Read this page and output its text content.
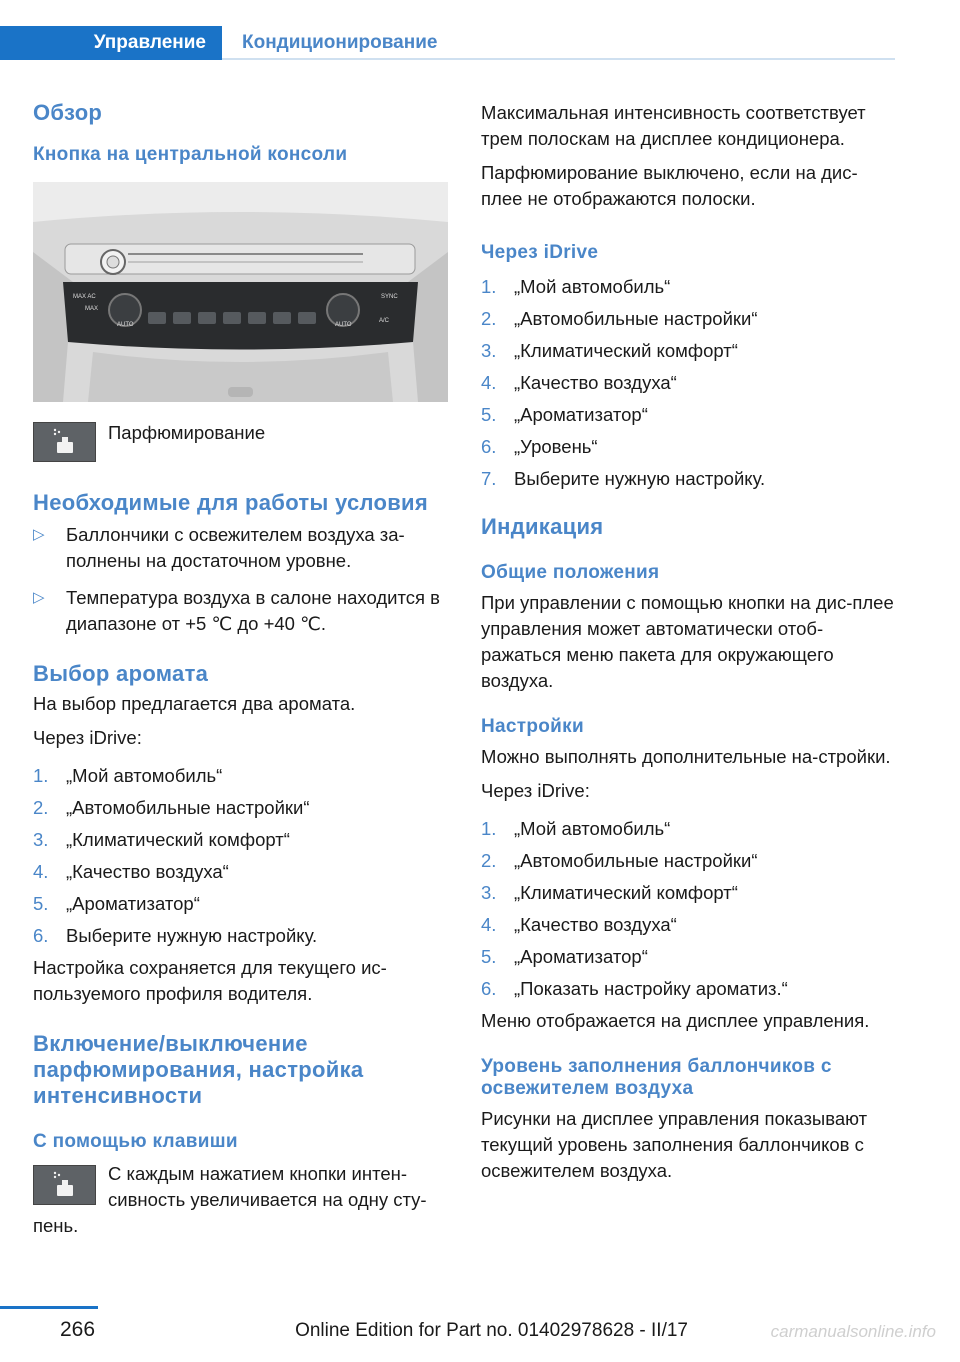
Управление	Кондиционирование
Обзор
Кнопка на центральной консоли
MAX AC
MAX
AUTO
SYNC
AUTO
A/C
Парфюмирование
Необходимые для работы условия
▷ Баллончики с освежителем воздуха за-полнены на достаточном уровне.
▷ Температура воздуха в салоне находится в диапазоне от +5 ℃ до +40 ℃.
Выбор аромата

На выбор предлагается два аромата.

Через iDrive:

1. „Мой автомобиль“
2. „Автомобильные настройки“
3. „Климатический комфорт“
4. „Качество воздуха“
5. „Ароматизатор“
6. Выберите нужную настройку.

Настройка сохраняется для текущего ис-пользуемого профиля водителя.

Включение/выключение парфюмирования, настройка интенсивности
С помощью клавиши

С каждым нажатием кнопки интен-сивность увеличивается на одну сту-пень.

Максимальная интенсивность соответствует трем полоскам на дисплее кондиционера.

Парфюмирование выключено, если на дис-плее не отображаются полоски.

Через iDrive
1. „Мой автомобиль“
2. „Автомобильные настройки“
3. „Климатический комфорт“
4. „Качество воздуха“
5. „Ароматизатор“
6. „Уровень“
7. Выберите нужную настройку.
Индикация
Общие положения

При управлении с помощью кнопки на дис-плее управления может автоматически отоб-ражаться меню пакета для окружающего воздуха.

Настройки

Можно выполнять дополнительные на-стройки.

Через iDrive:

1. „Мой автомобиль“
2. „Автомобильные настройки“
3. „Климатический комфорт“
4. „Качество воздуха“
5. „Ароматизатор“
6. „Показать настройку ароматиз.“

Меню отображается на дисплее управления.

Уровень заполнения баллончиков с освежителем воздуха

Рисунки на дисплее управления показывают текущий уровень заполнения баллончиков с освежителем воздуха.

266	Online Edition for Part no. 01402978628 - II/17	carmanualsonline.info
